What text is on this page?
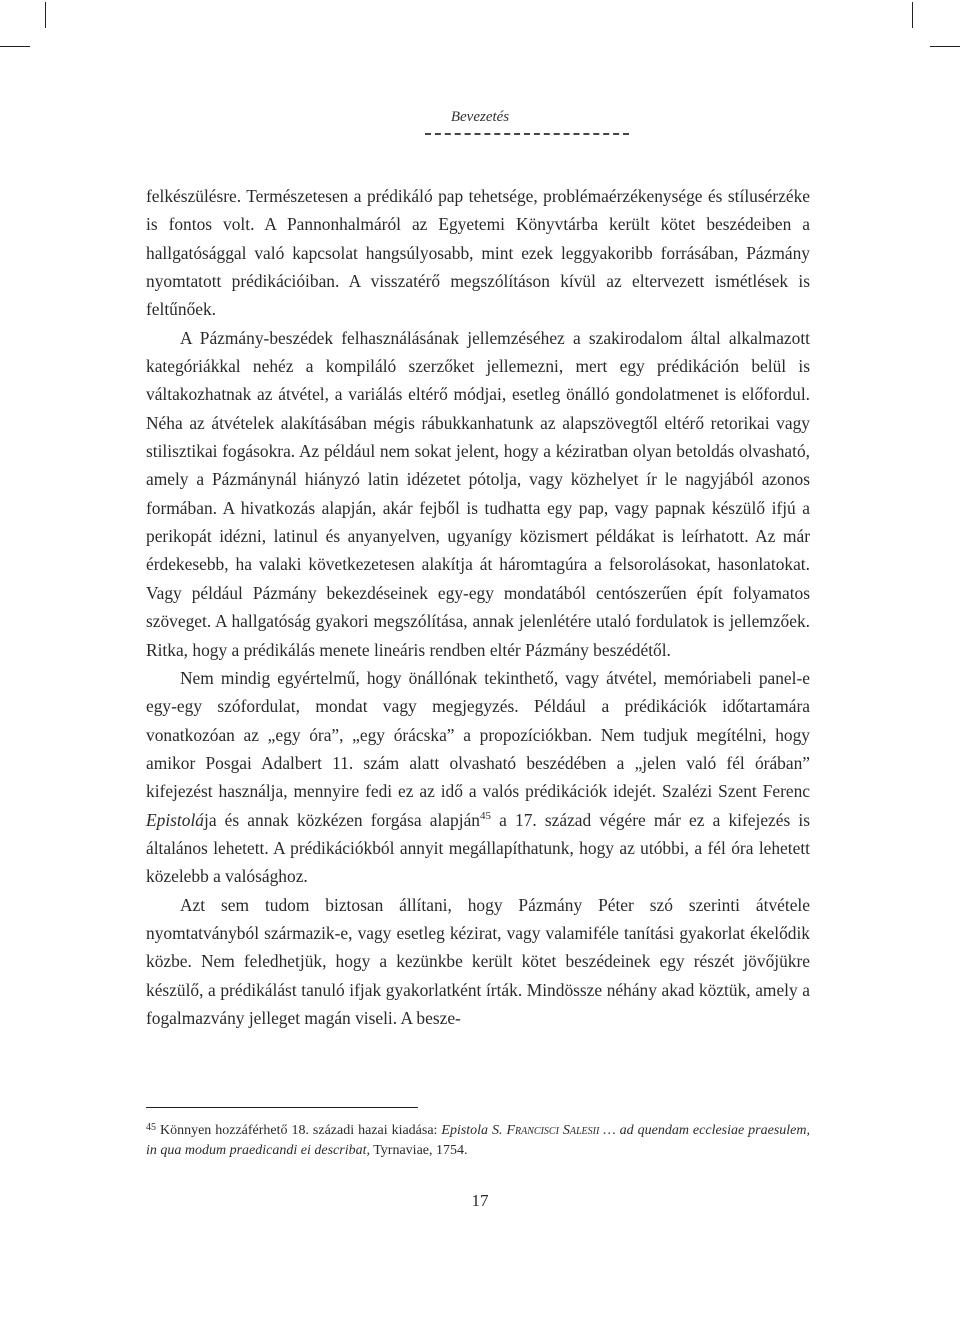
Bevezetés

felkészülésre. Természetesen a prédikáló pap tehetsége, problémaérzékenysége és stílusérzéke is fontos volt. A Pannonhalmáról az Egyetemi Könyvtárba került kötet beszédeiben a hallgatósággal való kapcsolat hangsúlyosabb, mint ezek leggyakoribb forrásában, Pázmány nyomtatott prédikációiban. A visszatérő megszólításon kívül az eltervezett ismétlések is feltűnőek.

A Pázmány-beszédek felhasználásának jellemzéséhez a szakirodalom által alkalmazott kategóriákkal nehéz a kompiláló szerzőket jellemezni, mert egy prédikáción belül is váltakozhatnak az átvétel, a variálás eltérő módjai, esetleg önálló gondolatmenet is előfordul. Néha az átvételek alakításában mégis rábukkanhatunk az alapszövegtől eltérő retorikai vagy stilisztikai fogásokra. Az például nem sokat jelent, hogy a kéziratban olyan betoldás olvasható, amely a Pázmánynál hiányzó latin idézetet pótolja, vagy közhelyet ír le nagyjából azonos formában. A hivatkozás alapján, akár fejből is tudhatta egy pap, vagy papnak készülő ifjú a perikopát idézni, latinul és anyanyelven, ugyanígy közismert példákat is leírhatott. Az már érdekesebb, ha valaki következetesen alakítja át háromtagúra a felsorolásokat, hasonlatokat. Vagy például Pázmány bekezdéseinek egy-egy mondatából centószerűen épít folyamatos szöveget. A hallgatóság gyakori megszólítása, annak jelenlétére utaló fordulatok is jellemzőek. Ritka, hogy a prédikálás menete lineáris rendben eltér Pázmány beszédétől.

Nem mindig egyértelmű, hogy önállónak tekinthető, vagy átvétel, memóriabeli panel-e egy-egy szófordulat, mondat vagy megjegyzés. Például a prédikációk időtartamára vonatkozóan az „egy óra”, „egy órácska” a propozíciókban. Nem tudjuk megítélni, hogy amikor Posgai Adalbert 11. szám alatt olvasható beszédében a „jelen való fél órában” kifejezést használja, mennyire fedi ez az idő a valós prédikációk idejét. Szalézi Szent Ferenc Epistolája és annak közkézen forgása alapján$^{45}$ a 17. század végére már ez a kifejezés is általános lehetett. A prédikációkból annyit megállapíthatunk, hogy az utóbbi, a fél óra lehetett közelebb a valósághoz.

Azt sem tudom biztosan állítani, hogy Pázmány Péter szó szerinti átvétele nyomtatványból származik-e, vagy esetleg kézirat, vagy valamiféle tanítási gyakorlat ékelődik közbe. Nem feledhetjük, hogy a kezünkbe került kötet beszédeinek egy részét jövőjükre készülő, a prédikálást tanuló ifjak gyakorlatként írták. Mindössze néhány akad köztük, amely a fogalmazvány jelleget magán viseli. A besze-

$^{45}$ Könnyen hozzáférhető 18. századi hazai kiadása: Epistola S. Francisci Salesii … ad quendam ecclesiae praesulem, in qua modum praedicandi ei describat, Tyrnaviae, 1754.
17
